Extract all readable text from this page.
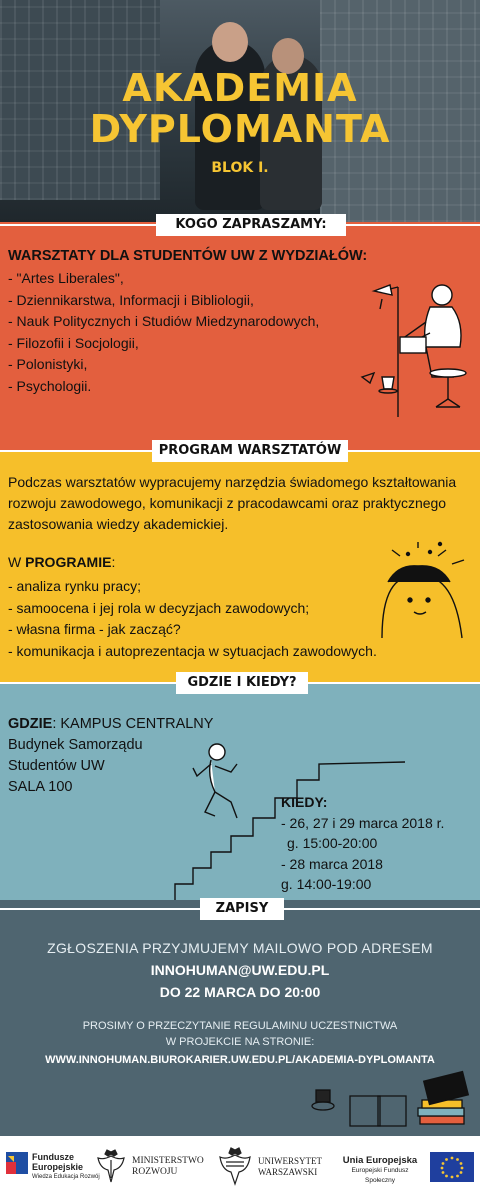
AKADEMIA
DYPLOMANTA
BLOK I.
WARSZTATY DLA STUDENTÓW UW Z WYDZIAŁÓW:
- "Artes Liberales",
- Dziennikarstwa, Informacji i Bibliologii,
- Nauk Politycznych i Studiów Miedzynarodowych,
- Filozofii i Socjologii,
- Polonistyki,
- Psychologii.
Podczas warsztatów wypracujemy narzędzia świadomego kształtowania rozwoju zawodowego, komunikacji z pracodawcami oraz praktycznego zastosowania wiedzy akademickiej.
W PROGRAMIE:
- analiza rynku pracy;
- samoocena i jej rola w decyzjach zawodowych;
- własna firma - jak zacząć?
- komunikacja i autoprezentacja w sytuacjach zawodowych.
GDZIE: KAMPUS CENTRALNY
Budynek Samorządu
Studentów UW
SALA 100
KIEDY:
- 26, 27 i 29 marca 2018 r.
g. 15:00-20:00
- 28 marca 2018
g. 14:00-19:00
ZGŁOSZENIA PRZYJMUJEMY MAILOWO POD ADRESEM
INNOHUMAN@UW.EDU.PL
DO 22 MARCA DO 20:00
PROSIMY O PRZECZYTANIE REGULAMINU UCZESTNICTWA
W PROJEKCIE NA STRONIE:
WWW.INNOHUMAN.BIUROKARIER.UW.EDU.PL/AKADEMIA-DYPLOMANTA
KOGO ZAPRASZAMY:
PROGRAM WARSZTATÓW
GDZIE I KIEDY?
ZAPISY
Fundusze
Europejskie
Wiedza Edukacja Rozwój
MINISTERSTWO
ROZWOJU
UNIWERSYTET
WARSZAWSKI
Unia Europejska
Europejski Fundusz Społeczny
